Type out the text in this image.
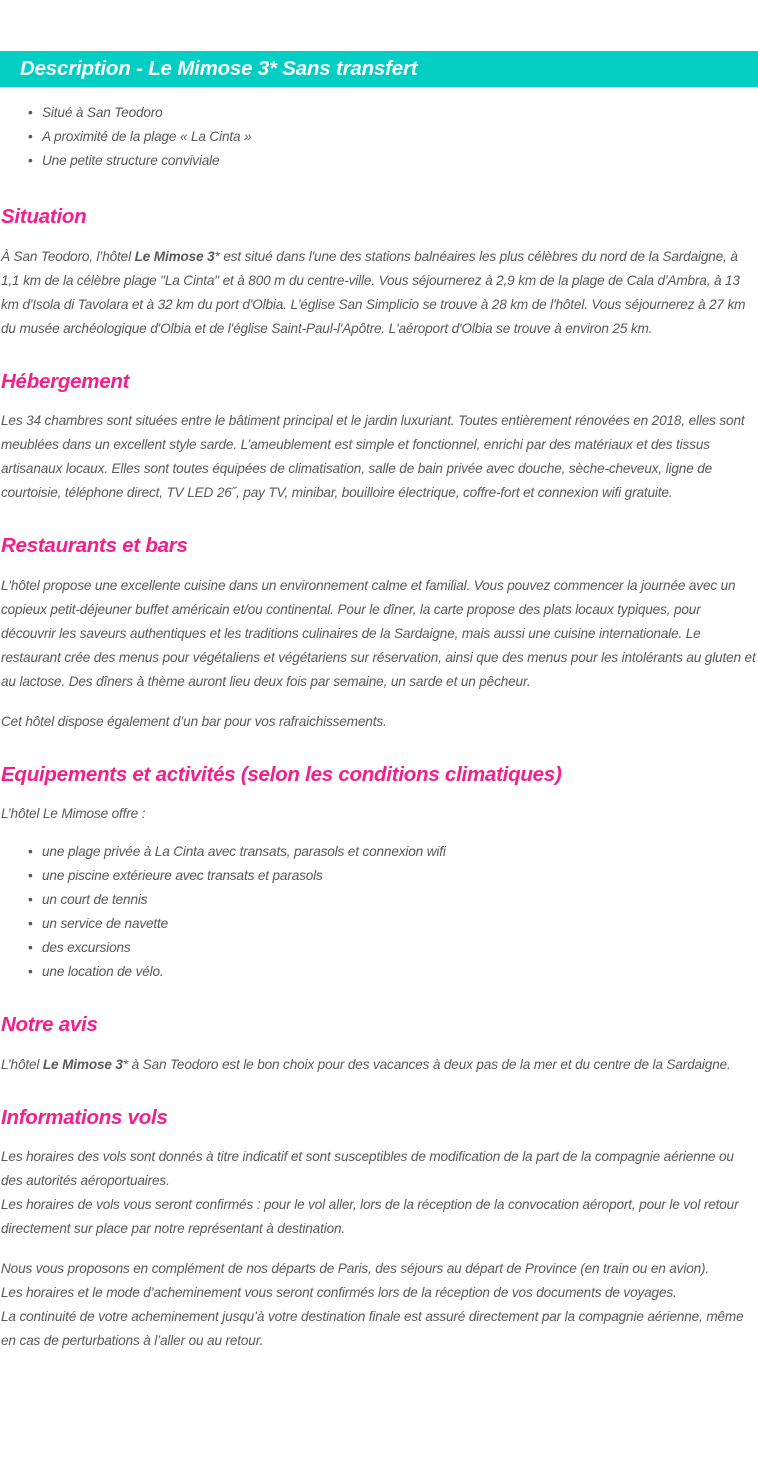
Description - Le Mimose 3* Sans transfert
• Situé à San Teodoro
• A proximité de la plage « La Cinta »
• Une petite structure conviviale
Situation

À San Teodoro, l’hôtel Le Mimose 3* est situé dans l'une des stations balnéaires les plus célèbres du nord de la Sardaigne, à 1,1 km de la célèbre plage "La Cinta" et à 800 m du centre-ville. Vous séjournerez à 2,9 km de la plage de Cala d'Ambra, à 13 km d'Isola di Tavolara et à 32 km du port d'Olbia. L'église San Simplicio se trouve à 28 km de l'hôtel. Vous séjournerez à 27 km du musée archéologique d'Olbia et de l'église Saint-Paul-l'Apôtre. L'aéroport d'Olbia se trouve à environ 25 km.

Hébergement

Les 34 chambres sont situées entre le bâtiment principal et le jardin luxuriant. Toutes entièrement rénovées en 2018, elles sont meublées dans un excellent style sarde. L’ameublement est simple et fonctionnel, enrichi par des matériaux et des tissus artisanaux locaux. Elles sont toutes équipées de climatisation, salle de bain privée avec douche, sèche-cheveux, ligne de courtoisie, téléphone direct, TV LED 26˝, pay TV, minibar, bouilloire électrique, coffre-fort et connexion wifi gratuite.

Restaurants et bars

L'hôtel propose une excellente cuisine dans un environnement calme et familial. Vous pouvez commencer la journée avec un copieux petit-déjeuner buffet américain et/ou continental. Pour le dîner, la carte propose des plats locaux typiques, pour découvrir les saveurs authentiques et les traditions culinaires de la Sardaigne, mais aussi une cuisine internationale. Le restaurant crée des menus pour végétaliens et végétariens sur réservation, ainsi que des menus pour les intolérants au gluten et au lactose. Des dîners à thème auront lieu deux fois par semaine, un sarde et un pêcheur.

Cet hôtel dispose également d’un bar pour vos rafraichissements.

Equipements et activités (selon les conditions climatiques)

L’hôtel Le Mimose offre :

• une plage privée à La Cinta avec transats, parasols et connexion wifi
• une piscine extérieure avec transats et parasols
• un court de tennis
• un service de navette
• des excursions
• une location de vélo.
Notre avis

L’hôtel Le Mimose 3* à San Teodoro est le bon choix pour des vacances à deux pas de la mer et du centre de la Sardaigne.

Informations vols

Les horaires des vols sont donnés à titre indicatif et sont susceptibles de modification de la part de la compagnie aérienne ou des autorités aéroportuaires.

Les horaires de vols vous seront confirmés : pour le vol aller, lors de la réception de la convocation aéroport, pour le vol retour directement sur place par notre représentant à destination.

Nous vous proposons en complément de nos départs de Paris, des séjours au départ de Province (en train ou en avion).

Les horaires et le mode d’acheminement vous seront confirmés lors de la réception de vos documents de voyages.

La continuité de votre acheminement jusqu’à votre destination finale est assuré directement par la compagnie aérienne, même en cas de perturbations à l’aller ou au retour.
